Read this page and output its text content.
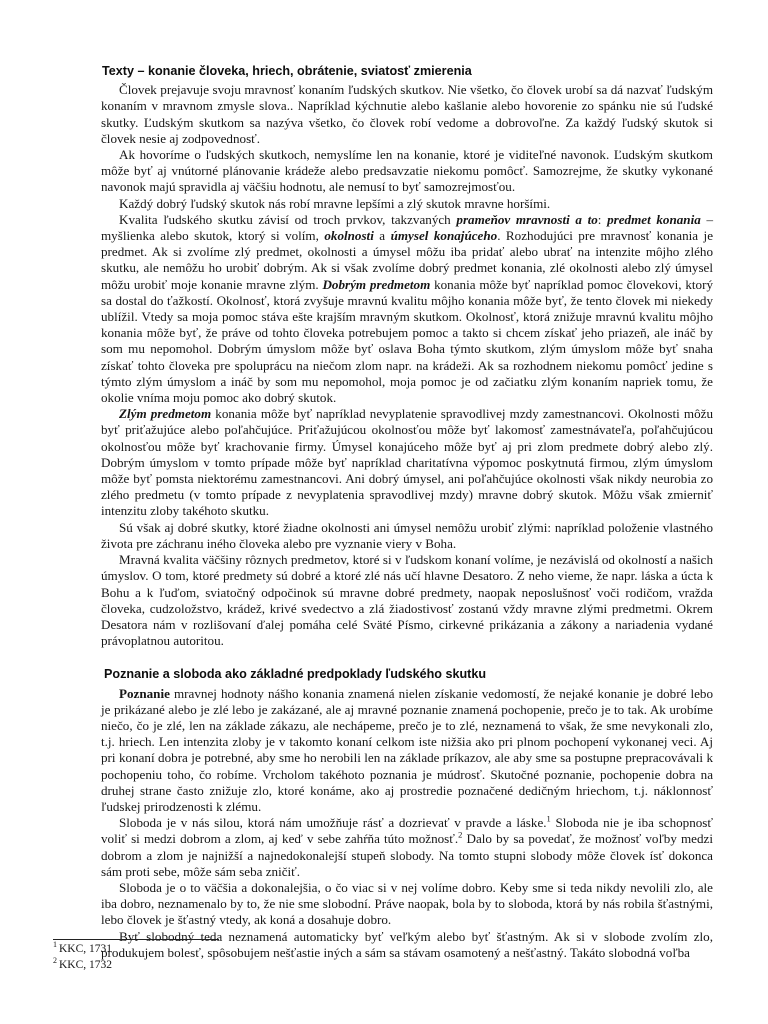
Texty – konanie človeka, hriech, obrátenie, sviatosť zmierenia

Človek prejavuje svoju mravnosť konaním ľudských skutkov. Nie všetko, čo človek urobí sa dá nazvať ľudským konaním v mravnom zmysle slova.. Napríklad kýchnutie alebo kašlanie alebo hovorenie zo spánku nie sú ľudské skutky. Ľudským skutkom sa nazýva všetko, čo človek robí vedome a dobrovoľne. Za každý ľudský skutok si človek nesie aj zodpovednosť.

Ak hovoríme o ľudských skutkoch, nemyslíme len na konanie, ktoré je viditeľné navonok. Ľudským skutkom môže byť aj vnútorné plánovanie krádeže alebo predsavzatie niekomu pomôcť. Samozrejme, že skutky vykonané navonok majú spravidla aj väčšiu hodnotu, ale nemusí to byť samozrejmosťou.

Každý dobrý ľudský skutok nás robí mravne lepšími a zlý skutok mravne horšími.

Kvalita ľudského skutku závisí od troch prvkov, takzvaných prameňov mravnosti a to: predmet konania – myšlienka alebo skutok, ktorý si volím, okolnosti a úmysel konajúceho. Rozhodujúci pre mravnosť konania je predmet. Ak si zvolíme zlý predmet, okolnosti a úmysel môžu iba pridať alebo ubrať na intenzite môjho zlého skutku, ale nemôžu ho urobiť dobrým. Ak si však zvolíme dobrý predmet konania, zlé okolnosti alebo zlý úmysel môžu urobiť moje konanie mravne zlým. Dobrým predmetom konania môže byť napríklad pomoc človekovi, ktorý sa dostal do ťažkostí. Okolnosť, ktorá zvyšuje mravnú kvalitu môjho konania môže byť, že tento človek mi niekedy ublížil. Vtedy sa moja pomoc stáva ešte krajším mravným skutkom. Okolnosť, ktorá znižuje mravnú kvalitu môjho konania môže byť, že práve od tohto človeka potrebujem pomoc a takto si chcem získať jeho priazeň, ale ináč by som mu nepomohol. Dobrým úmyslom môže byť oslava Boha týmto skutkom, zlým úmyslom môže byť snaha získať tohto človeka pre spoluprácu na niečom zlom napr. na krádeži. Ak sa rozhodnem niekomu pomôcť jedine s týmto zlým úmyslom a ináč by som mu nepomohol, moja pomoc je od začiatku zlým konaním napriek tomu, že okolie vníma moju pomoc ako dobrý skutok.

Zlým predmetom konania môže byť napríklad nevyplatenie spravodlivej mzdy zamestnancovi. Okolnosti môžu byť priťažujúce alebo poľahčujúce. Priťažujúcou okolnosťou môže byť lakomosť zamestnávateľa, poľahčujúcou okolnosťou môže byť krachovanie firmy. Úmysel konajúceho môže byť aj pri zlom predmete dobrý alebo zlý. Dobrým úmyslom v tomto prípade môže byť napríklad charitatívna výpomoc poskytnutá firmou, zlým úmyslom môže byť pomsta niektorému zamestnancovi. Ani dobrý úmysel, ani poľahčujúce okolnosti však nikdy neurobia zo zlého predmetu (v tomto prípade z nevyplatenia spravodlivej mzdy) mravne dobrý skutok. Môžu však zmierniť intenzitu zloby takéhoto skutku.

Sú však aj dobré skutky, ktoré žiadne okolnosti ani úmysel nemôžu urobiť zlými: napríklad položenie vlastného života pre záchranu iného človeka alebo pre vyznanie viery v Boha.

Mravná kvalita väčšiny rôznych predmetov, ktoré si v ľudskom konaní volíme, je nezávislá od okolností a našich úmyslov. O tom, ktoré predmety sú dobré a ktoré zlé nás učí hlavne Desatoro. Z neho vieme, že napr. láska a úcta k Bohu a k ľuďom, sviatočný odpočinok sú mravne dobré predmety, naopak neposlušnosť voči rodičom, vražda človeka, cudzoložstvo, krádež, krivé svedectvo a zlá žiadostivosť zostanú vždy mravne zlými predmetmi. Okrem Desatora nám v rozlišovaní ďalej pomáha celé Sväté Písmo, cirkevné prikázania a zákony a nariadenia vydané právoplatnou autoritou.

Poznanie a sloboda ako základné predpoklady ľudského skutku

Poznanie mravnej hodnoty nášho konania znamená nielen získanie vedomostí, že nejaké konanie je dobré lebo je prikázané alebo je zlé lebo je zakázané, ale aj mravné poznanie znamená pochopenie, prečo je to tak. Ak urobíme niečo, čo je zlé, len na základe zákazu, ale nechápeme, prečo je to zlé, neznamená to však, že sme nevykonali zlo, t.j. hriech. Len intenzita zloby je v takomto konaní celkom iste nižšia ako pri plnom pochopení vykonanej veci. Aj pri konaní dobra je potrebné, aby sme ho nerobili len na základe príkazov, ale aby sme sa postupne prepracovávali k pochopeniu toho, čo robíme. Vrcholom takéhoto poznania je múdrosť. Skutočné poznanie, pochopenie dobra na druhej strane často znižuje zlo, ktoré konáme, ako aj prostredie poznačené dedičným hriechom, t.j. náklonnosť ľudskej prirodzenosti k zlému.

Sloboda je v nás silou, ktorá nám umožňuje rásť a dozrievať v pravde a láske.$^1$ Sloboda nie je iba schopnosť voliť si medzi dobrom a zlom, aj keď v sebe zahŕňa túto možnosť.$^2$ Dalo by sa povedať, že možnosť voľby medzi dobrom a zlom je najnižší a najnedokonalejší stupeň slobody. Na tomto stupni slobody môže človek ísť dokonca sám proti sebe, môže sám seba zničiť.

Sloboda je o to väčšia a dokonalejšia, o čo viac si v nej volíme dobro. Keby sme si teda nikdy nevolili zlo, ale iba dobro, neznamenalo by to, že nie sme slobodní. Práve naopak, bola by to sloboda, ktorá by nás robila šťastnými, lebo človek je šťastný vtedy, ak koná a dosahuje dobro.

Byť slobodný teda neznamená automaticky byť veľkým alebo byť šťastným. Ak si v slobode zvolím zlo, produkujem bolesť, spôsobujem nešťastie iných a sám sa stávam osamotený a nešťastný. Takáto slobodná voľba

$^1$ KKC, 1731
$^2$ KKC, 1732
